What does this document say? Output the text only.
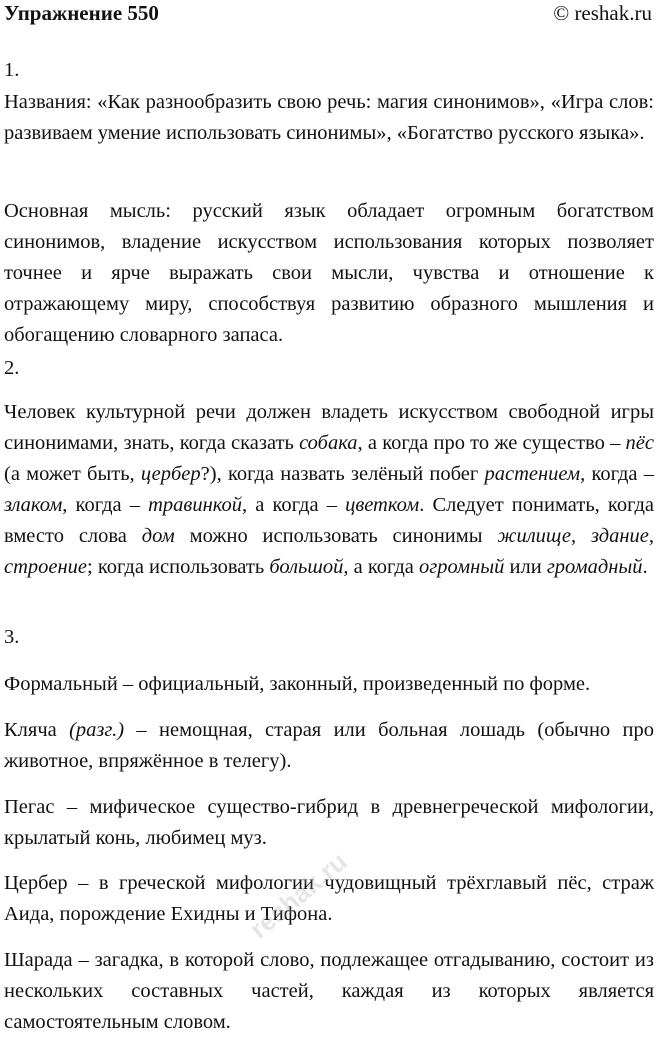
Упражнение 550	© reshak.ru
1.
Названия: «Как разнообразить свою речь: магия синонимов», «Игра слов: развиваем умение использовать синонимы», «Богатство русского языка».
Основная мысль: русский язык обладает огромным богатством синонимов, владение искусством использования которых позволяет точнее и ярче выражать свои мысли, чувства и отношение к отражающему миру, способствуя развитию образного мышления и обогащению словарного запаса.
2.
Человек культурной речи должен владеть искусством свободной игры синонимами, знать, когда сказать собака, а когда про то же существо – пёс (а может быть, цербер?), когда назвать зелёный побег растением, когда – злаком, когда – травинкой, а когда – цветком. Следует понимать, когда вместо слова дом можно использовать синонимы жилище, здание, строение; когда использовать большой, а когда огромный или громадный.
3.
Формальный – официальный, законный, произведенный по форме.
Кляча (разг.) – немощная, старая или больная лошадь (обычно про животное, впряжённое в телегу).
Пегас – мифическое существо-гибрид в древнегреческой мифологии, крылатый конь, любимец муз.
Цербер – в греческой мифологии чудовищный трёхглавый пёс, страж Аида, порождение Ехидны и Тифона.
Шарада – загадка, в которой слово, подлежащее отгадыванию, состоит из нескольких составных частей, каждая из которых является самостоятельным словом.
reshak.ru
